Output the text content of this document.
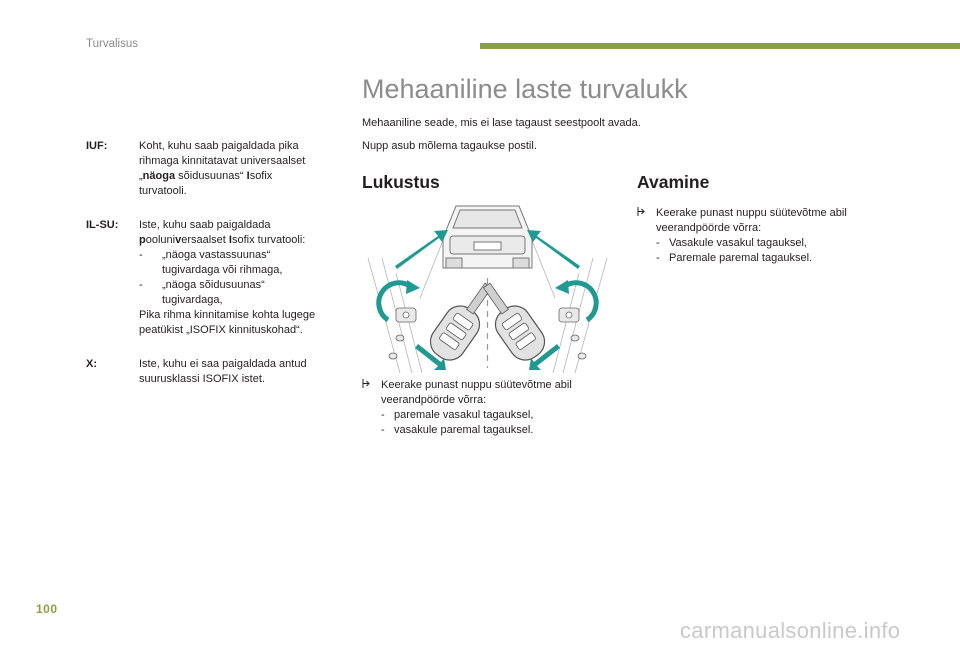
Turvalisus
IUF:	Koht, kuhu saab paigaldada pika
rihmaga kinnitatavat universaalset
„näoga sõidusuunas“ Isofix
turvatooli.
IL-SU:	Iste, kuhu saab paigaldada
pooluniversaalset Isofix turvatooli:
- „näoga vastassuunas“
tugivardaga või rihmaga,
- „näoga sõidusuunas“
tugivardaga,
Pika rihma kinnitamise kohta lugege
peatükist „ISOFIX kinnituskohad“.
X:	Iste, kuhu ei saa paigaldada antud
suurusklassi ISOFIX istet.
Mehaaniline laste turvalukk
Mehaaniline seade, mis ei lase tagaust seestpoolt avada.
Nupp asub mõlema tagaukse postil.
Lukustus	Avamine
Keerake punast nuppu süütevõtme abil
veerandpöörde võrra:
- Vasakule vasakul tagauksel,
- Paremale paremal tagauksel.
Keerake punast nuppu süütevõtme abil
veerandpöörde võrra:
- paremale vasakul tagauksel,
- vasakule paremal tagauksel.
100
carmanualsonline.info
